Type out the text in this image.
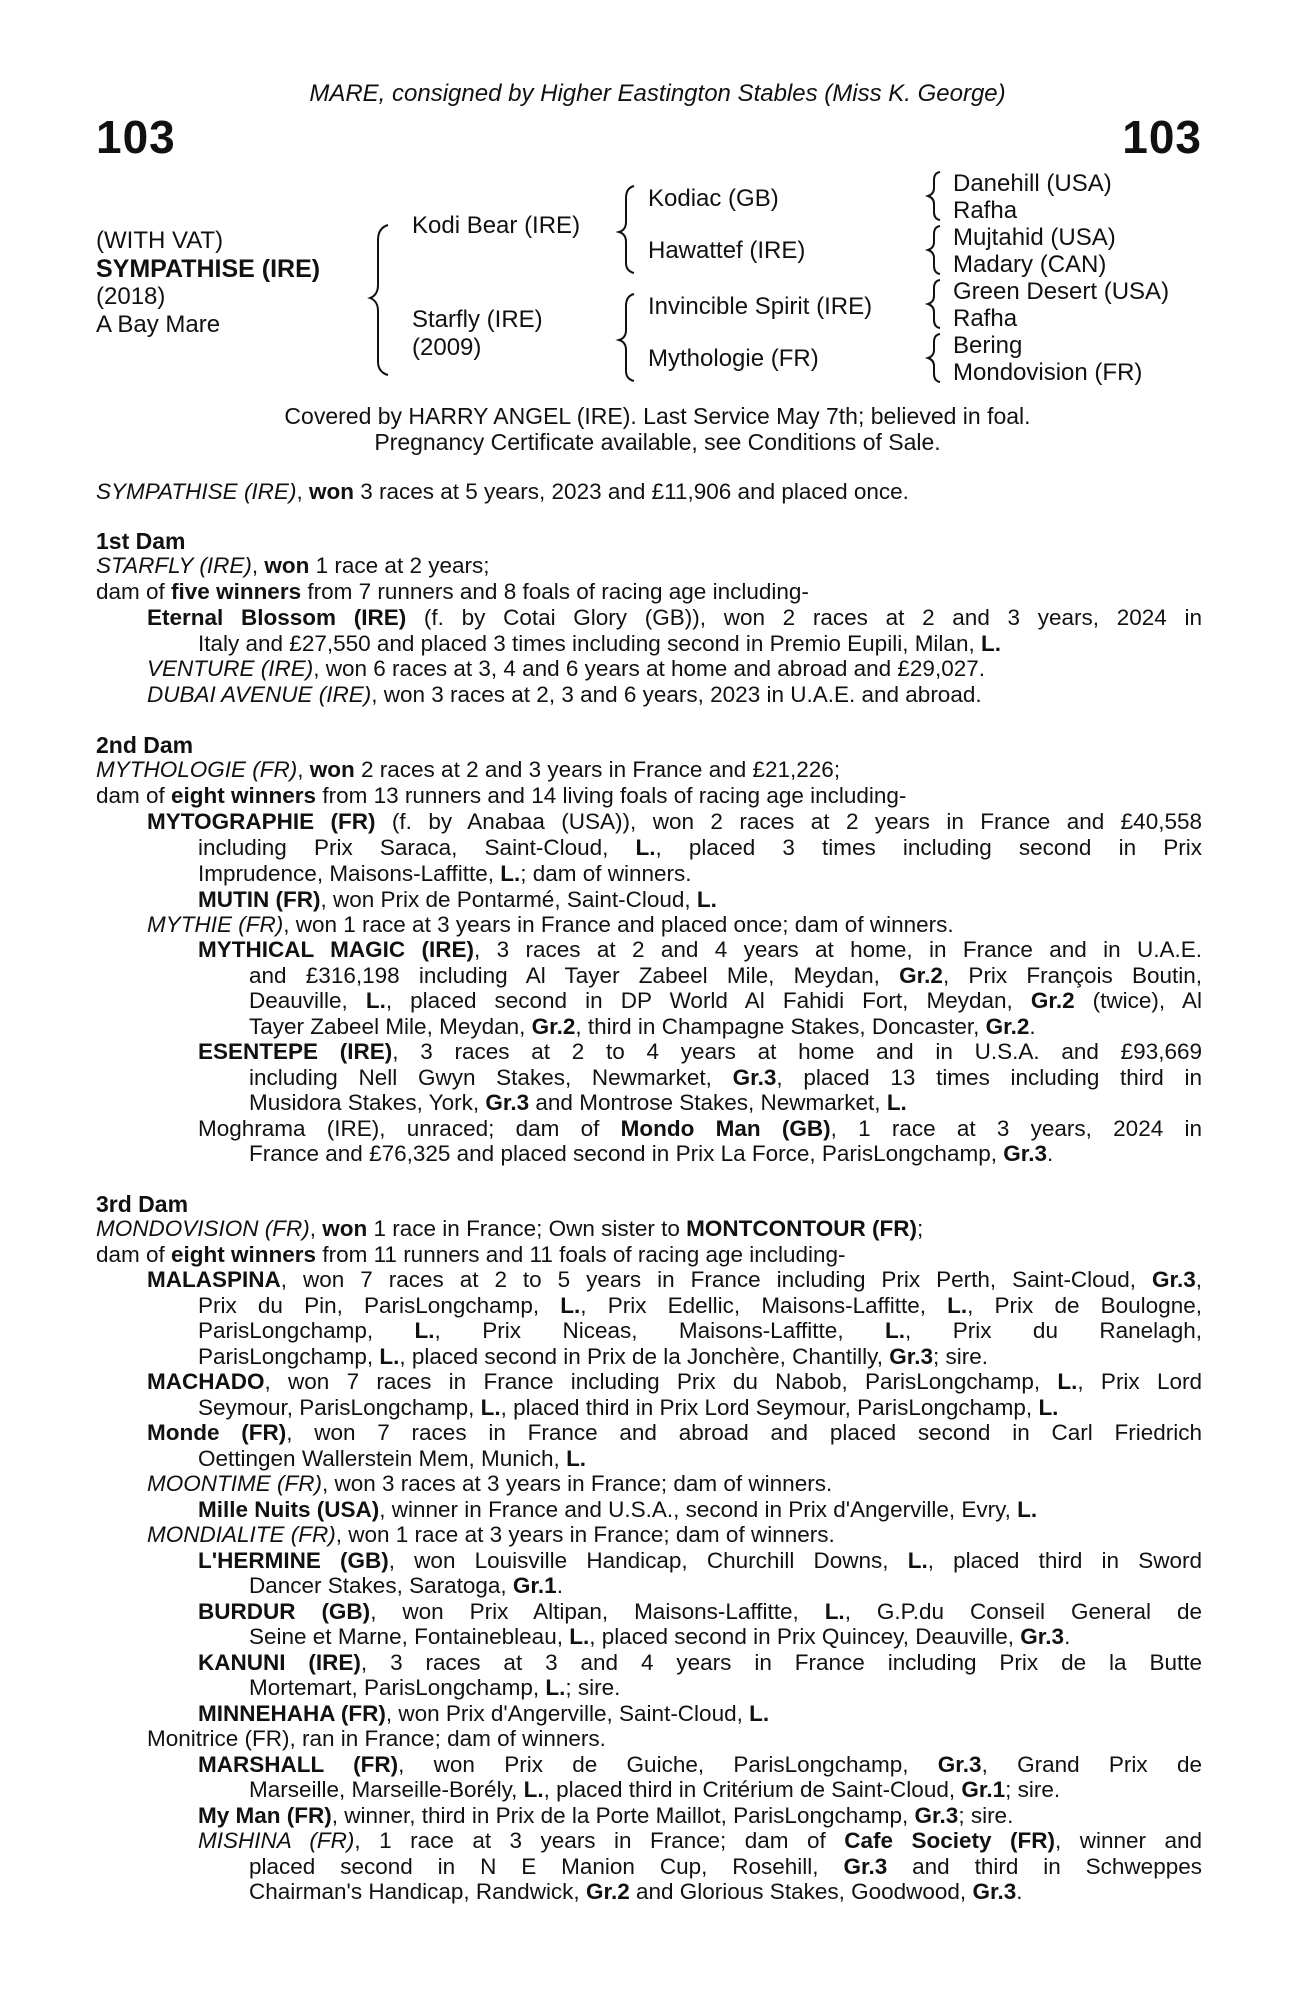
MARE, consigned by Higher Eastington Stables (Miss K. George)
103	103
(WITH VAT)
SYMPATHISE (IRE)
(2018)
A Bay Mare
Kodi Bear (IRE)
Starfly (IRE)
(2009)
Kodiac (GB)
Hawattef (IRE)
Invincible Spirit (IRE)
Mythologie (FR)
Danehill (USA)
Rafha
Mujtahid (USA)
Madary (CAN)
Green Desert (USA)
Rafha
Bering
Mondovision (FR)
Covered by HARRY ANGEL (IRE). Last Service May 7th; believed in foal.
Pregnancy Certificate available, see Conditions of Sale.
SYMPATHISE (IRE), won 3 races at 5 years, 2023 and £11,906 and placed once.
1st Dam
STARFLY (IRE), won 1 race at 2 years;
dam of five winners from 7 runners and 8 foals of racing age including-
Eternal Blossom (IRE) (f. by Cotai Glory (GB)), won 2 races at 2 and 3 years, 2024 in
Italy and £27,550 and placed 3 times including second in Premio Eupili, Milan, L.
VENTURE (IRE), won 6 races at 3, 4 and 6 years at home and abroad and £29,027.
DUBAI AVENUE (IRE), won 3 races at 2, 3 and 6 years, 2023 in U.A.E. and abroad.
2nd Dam
MYTHOLOGIE (FR), won 2 races at 2 and 3 years in France and £21,226;
dam of eight winners from 13 runners and 14 living foals of racing age including-
MYTOGRAPHIE (FR) (f. by Anabaa (USA)), won 2 races at 2 years in France and £40,558
including Prix Saraca, Saint-Cloud, L., placed 3 times including second in Prix
Imprudence, Maisons-Laffitte, L.; dam of winners.
MUTIN (FR), won Prix de Pontarmé, Saint-Cloud, L.
MYTHIE (FR), won 1 race at 3 years in France and placed once; dam of winners.
MYTHICAL MAGIC (IRE), 3 races at 2 and 4 years at home, in France and in U.A.E.
and £316,198 including Al Tayer Zabeel Mile, Meydan, Gr.2, Prix François Boutin,
Deauville, L., placed second in DP World Al Fahidi Fort, Meydan, Gr.2 (twice), Al
Tayer Zabeel Mile, Meydan, Gr.2, third in Champagne Stakes, Doncaster, Gr.2.
ESENTEPE (IRE), 3 races at 2 to 4 years at home and in U.S.A. and £93,669
including Nell Gwyn Stakes, Newmarket, Gr.3, placed 13 times including third in
Musidora Stakes, York, Gr.3 and Montrose Stakes, Newmarket, L.
Moghrama (IRE), unraced; dam of Mondo Man (GB), 1 race at 3 years, 2024 in
France and £76,325 and placed second in Prix La Force, ParisLongchamp, Gr.3.
3rd Dam
MONDOVISION (FR), won 1 race in France; Own sister to MONTCONTOUR (FR);
dam of eight winners from 11 runners and 11 foals of racing age including-
MALASPINA, won 7 races at 2 to 5 years in France including Prix Perth, Saint-Cloud, Gr.3,
Prix du Pin, ParisLongchamp, L., Prix Edellic, Maisons-Laffitte, L., Prix de Boulogne,
ParisLongchamp, L., Prix Niceas, Maisons-Laffitte, L., Prix du Ranelagh,
ParisLongchamp, L., placed second in Prix de la Jonchère, Chantilly, Gr.3; sire.
MACHADO, won 7 races in France including Prix du Nabob, ParisLongchamp, L., Prix Lord
Seymour, ParisLongchamp, L., placed third in Prix Lord Seymour, ParisLongchamp, L.
Monde (FR), won 7 races in France and abroad and placed second in Carl Friedrich
Oettingen Wallerstein Mem, Munich, L.
MOONTIME (FR), won 3 races at 3 years in France; dam of winners.
Mille Nuits (USA), winner in France and U.S.A., second in Prix d'Angerville, Evry, L.
MONDIALITE (FR), won 1 race at 3 years in France; dam of winners.
L'HERMINE (GB), won Louisville Handicap, Churchill Downs, L., placed third in Sword
Dancer Stakes, Saratoga, Gr.1.
BURDUR (GB), won Prix Altipan, Maisons-Laffitte, L., G.P.du Conseil General de
Seine et Marne, Fontainebleau, L., placed second in Prix Quincey, Deauville, Gr.3.
KANUNI (IRE), 3 races at 3 and 4 years in France including Prix de la Butte
Mortemart, ParisLongchamp, L.; sire.
MINNEHAHA (FR), won Prix d'Angerville, Saint-Cloud, L.
Monitrice (FR), ran in France; dam of winners.
MARSHALL (FR), won Prix de Guiche, ParisLongchamp, Gr.3, Grand Prix de
Marseille, Marseille-Borély, L., placed third in Critérium de Saint-Cloud, Gr.1; sire.
My Man (FR), winner, third in Prix de la Porte Maillot, ParisLongchamp, Gr.3; sire.
MISHINA (FR), 1 race at 3 years in France; dam of Cafe Society (FR), winner and
placed second in N E Manion Cup, Rosehill, Gr.3 and third in Schweppes
Chairman's Handicap, Randwick, Gr.2 and Glorious Stakes, Goodwood, Gr.3.
